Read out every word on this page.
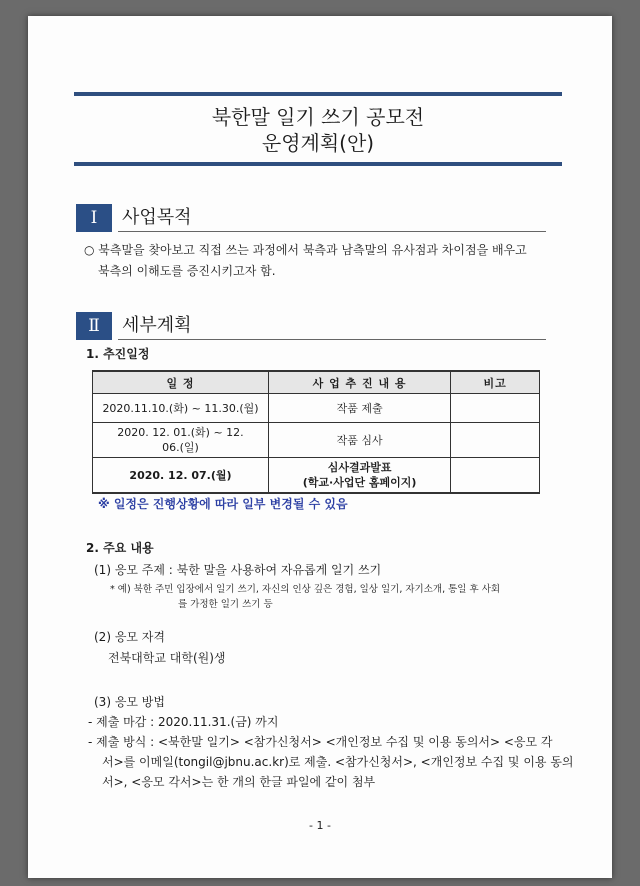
북한말 일기 쓰기 공모전
운영계획(안)
Ⅰ	사업목적
○ 북측말을 찾아보고 직접 쓰는 과정에서 북측과 남측말의 유사점과 차이점을 배우고
북측의 이해도를 증진시키고자 함.
Ⅱ	세부계획
1. 추진일정
일 정	사 업 추 진 내 용	비고
2020.11.10.(화) ~ 11.30.(월)	작품 제출	

2020. 12. 01.(화) ~ 12.
06.(일)	작품 심사	
2020. 12. 07.(월)	심사결과발표
(학교·사업단 홈페이지)	

※ 일정은 진행상황에 따라 일부 변경될 수 있음
2. 주요 내용
(1) 응모 주제 : 북한 말을 사용하여 자유롭게 일기 쓰기
* 예) 북한 주민 입장에서 일기 쓰기, 자신의 인상 깊은 경험, 일상 일기, 자기소개, 통일 후 사회
를 가정한 일기 쓰기 등
(2) 응모 자격
전북대학교 대학(원)생
(3) 응모 방법
- 제출 마감 : 2020.11.31.(금) 까지
- 제출 방식 : <북한말 일기> <참가신청서> <개인정보 수집 및 이용 동의서> <응모 각
서>를 이메일(tongil@jbnu.ac.kr)로 제출. <참가신청서>, <개인정보 수집 및 이용 동의
서>, <응모 각서>는 한 개의 한글 파일에 같이 첨부
- 1 -
